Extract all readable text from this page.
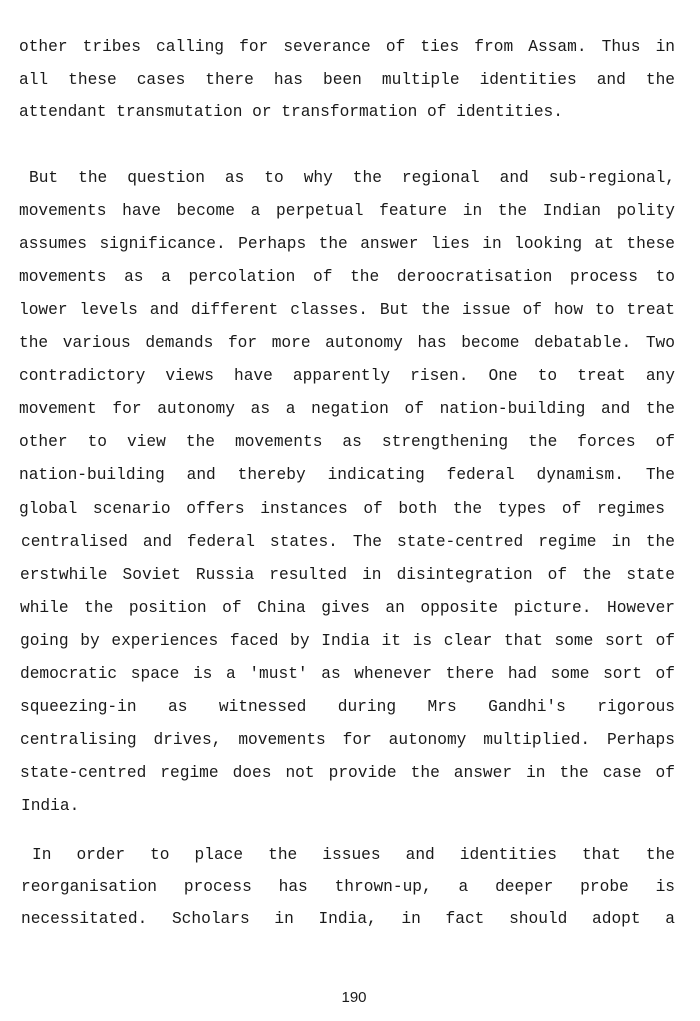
other tribes calling for severance of ties from Assam. Thus in
all these cases there has been multiple identities and the
attendant transmutation or transformation of identities.
But the question as to why the regional and sub-regional,
movements have become a perpetual feature in the Indian polity
assumes significance. Perhaps the answer lies in looking at these
movements as a percolation of the deroocratisation process to
lower levels and different classes. But the issue of how to treat
the various demands for more autonomy has become debatable. Two
contradictory views have apparently risen. One to treat any
movement for autonomy as a negation of nation-building and the
other to view the movements as strengthening the forces of
nation-building and thereby indicating federal dynamism. The
global scenario offers instances of both the types of regimes
centralised and federal states. The state-centred regime in the
erstwhile Soviet Russia resulted in disintegration of the state
while the position of China gives an opposite picture. However
going by experiences faced by India it is clear that some sort of
democratic space is a 'must' as whenever there had some sort of
squeezing-in as witnessed during Mrs Gandhi's rigorous
centralising drives, movements for autonomy multiplied. Perhaps
state-centred regime does not provide the answer in the case of
India.
In order to place the issues and identities that the
reorganisation process has thrown-up, a deeper probe is
necessitated. Scholars in India, in fact should adopt a
190
